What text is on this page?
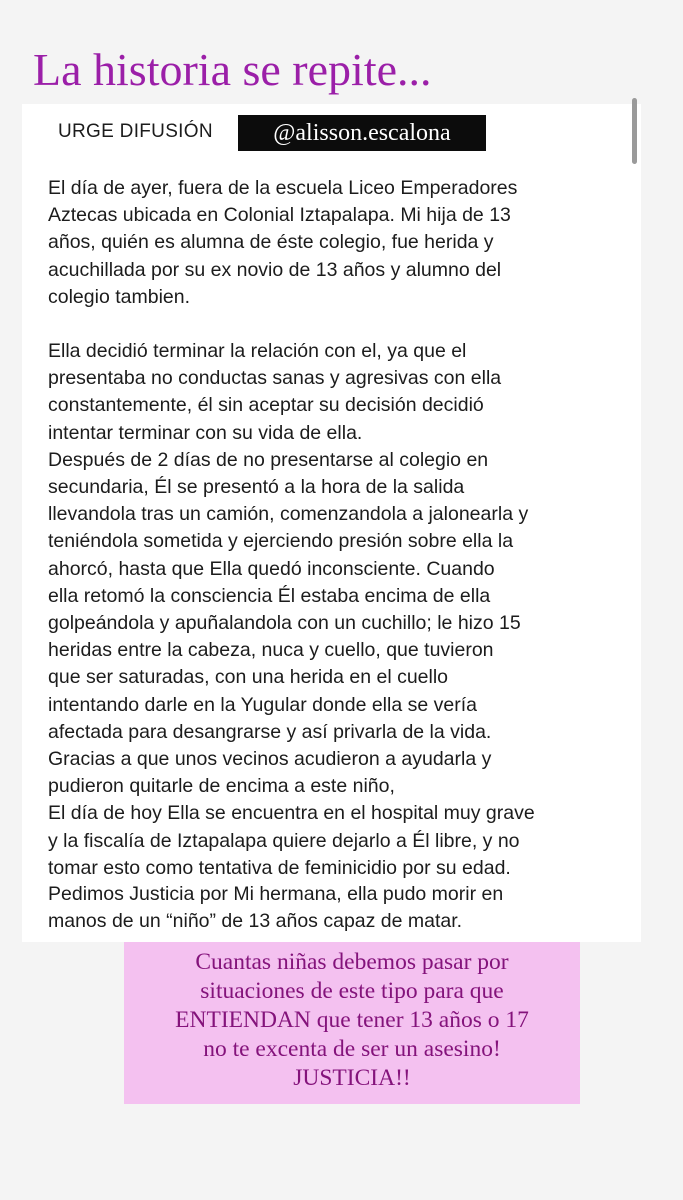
La historia se repite...
URGE DIFUSIÓN	@alisson.escalona

El día de ayer, fuera de la escuela Liceo Emperadores
Aztecas ubicada en Colonial Iztapalapa. Mi hija de 13
años, quién es alumna de éste colegio, fue herida y
acuchillada por su ex novio de 13 años y alumno del
colegio tambien.

Ella decidió terminar la relación con el, ya que el
presentaba no conductas sanas y agresivas con ella
constantemente, él sin aceptar su decisión decidió
intentar terminar con su vida de ella.
Después de 2 días de no presentarse al colegio en
secundaria, Él se presentó a la hora de la salida
llevandola tras un camión, comenzandola a jalonearla y
teniéndola sometida y ejerciendo presión sobre ella la
ahorcó, hasta que Ella quedó inconsciente. Cuando
ella retomó la consciencia Él estaba encima de ella
golpeándola y apuñalandola con un cuchillo; le hizo 15
heridas entre la cabeza, nuca y cuello, que tuvieron
que ser saturadas, con una herida en el cuello
intentando darle en la Yugular donde ella se vería
afectada para desangrarse y así privarla de la vida.
Gracias a que unos vecinos acudieron a ayudarla y
pudieron quitarle de encima a este niño,
El día de hoy Ella se encuentra en el hospital muy grave
y la fiscalía de Iztapalapa quiere dejarlo a Él libre, y no
tomar esto como tentativa de feminicidio por su edad.

Pedimos Justicia por Mi hermana, ella pudo morir en
manos de un “niño” de 13 años capaz de matar.

Cuantas niñas debemos pasar por
situaciones de este tipo para que
ENTIENDAN que tener 13 años o 17
no te excenta de ser un asesino!
JUSTICIA!!
